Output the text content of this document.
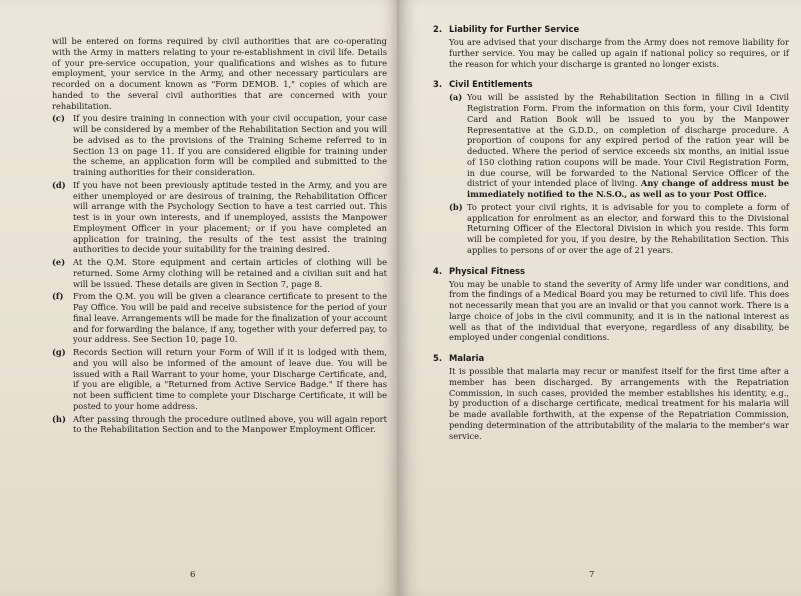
will be entered on forms required by civil authorities that are co-operating with the Army in matters relating to your re-establishment in civil life. Details of your pre-service occupation, your qualifications and wishes as to future employment, your service in the Army, and other necessary particulars are recorded on a document known as "Form DEMOB. 1," copies of which are handed to the several civil authorities that are concerned with your rehabilitation.

(c) If you desire training in connection with your civil occupation, your case will be considered by a member of the Rehabilitation Section and you will be advised as to the provisions of the Training Scheme referred to in Section 13 on page 11. If you are considered eligible for training under the scheme, an application form will be compiled and submitted to the training authorities for their consideration.
(d) If you have not been previously aptitude tested in the Army, and you are either unemployed or are desirous of training, the Rehabilitation Officer will arrange with the Psychology Section to have a test carried out. This test is in your own interests, and if unemployed, assists the Manpower Employment Officer in your placement; or if you have completed an application for training, the results of the test assist the training authorities to decide your suitability for the training desired.
(e) At the Q.M. Store equipment and certain articles of clothing will be returned. Some Army clothing will be retained and a civilian suit and hat will be issued. These details are given in Section 7, page 8.
(f)	From the Q.M. you will be given a clearance certificate to present to the Pay Office. You will be paid and receive subsistence for the period of your final leave. Arrangements will be made for the finalization of your account and for forwarding the balance, if any, together with your deferred pay, to your address. See Section 10, page 10.
(g) Records Section will return your Form of Will if it is lodged with them, and you will also be informed of the amount of leave due. You will be issued with a Rail Warrant to your home, your Discharge Certificate, and, if you are eligible, a "Returned from Active Service Badge." If there has not been sufficient time to complete your Discharge Certificate, it will be posted to your home address.
(h) After passing through the procedure outlined above, you will again report to the Rehabilitation Section and to the Manpower Employment Officer.
6
2. Liability for Further Service

You are advised that your discharge from the Army does not remove liability for further service. You may be called up again if national policy so requires, or if the reason for which your discharge is granted no longer exists.

3. Civil Entitlements
(a) You will be assisted by the Rehabilitation Section in filling in a Civil Registration Form. From the information on this form, your Civil Identity Card and Ration Book will be issued to you by the Manpower Representative at the G.D.D., on completion of discharge procedure. A proportion of coupons for any expired period of the ration year will be deducted. Where the period of service exceeds six months, an initial issue of 150 clothing ration coupons will be made. Your Civil Registration Form, in due course, will be forwarded to the National Service Officer of the district of your intended place of living. Any change of address must be immediately notified to the N.S.O., as well as to your Post Office.
(b) To protect your civil rights, it is advisable for you to complete a form of application for enrolment as an elector, and forward this to the Divisional Returning Officer of the Electoral Division in which you reside. This form will be completed for you, if you desire, by the Rehabilitation Section. This applies to persons of or over the age of 21 years.
4. Physical Fitness

You may be unable to stand the severity of Army life under war conditions, and from the findings of a Medical Board you may be returned to civil life. This does not necessarily mean that you are an invalid or that you cannot work. There is a large choice of jobs in the civil community, and it is in the national interest as well as that of the individual that everyone, regardless of any disability, be employed under congenial conditions.

5. Malaria

It is possible that malaria may recur or manifest itself for the first time after a member has been discharged. By arrangements with the Repatriation Commission, in such cases, provided the member establishes his identity, e.g., by production of a discharge certificate, medical treatment for his malaria will be made available forthwith, at the expense of the Repatriation Commission, pending determination of the attributability of the malaria to the member's war service.

7
